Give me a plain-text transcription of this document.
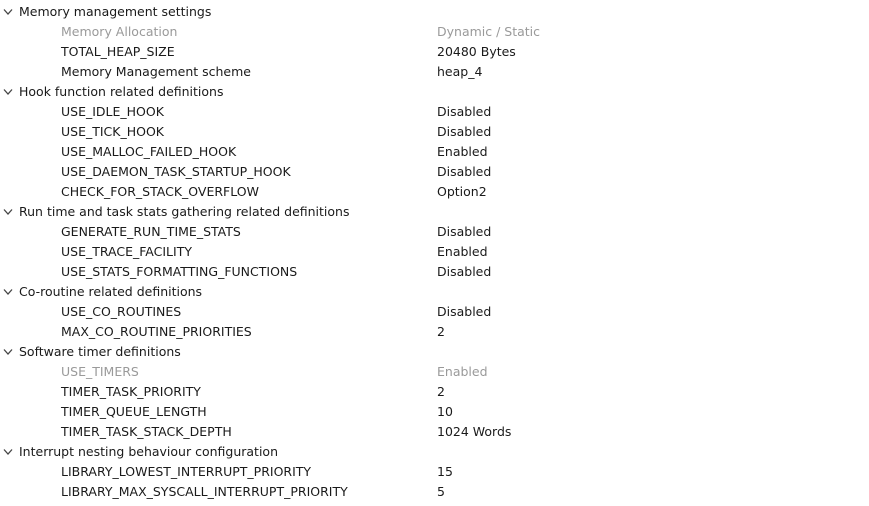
Memory management settings
Memory Allocation	Dynamic / Static
TOTAL_HEAP_SIZE	20480 Bytes
Memory Management scheme	heap_4
Hook function related definitions
USE_IDLE_HOOK	Disabled
USE_TICK_HOOK	Disabled
USE_MALLOC_FAILED_HOOK	Enabled
USE_DAEMON_TASK_STARTUP_HOOK	Disabled
CHECK_FOR_STACK_OVERFLOW	Option2
Run time and task stats gathering related definitions
GENERATE_RUN_TIME_STATS	Disabled
USE_TRACE_FACILITY	Enabled
USE_STATS_FORMATTING_FUNCTIONS	Disabled
Co-routine related definitions
USE_CO_ROUTINES	Disabled
MAX_CO_ROUTINE_PRIORITIES	2
Software timer definitions
USE_TIMERS	Enabled
TIMER_TASK_PRIORITY	2
TIMER_QUEUE_LENGTH	10
TIMER_TASK_STACK_DEPTH	1024 Words
Interrupt nesting behaviour configuration
LIBRARY_LOWEST_INTERRUPT_PRIORITY	15
LIBRARY_MAX_SYSCALL_INTERRUPT_PRIORITY	5
